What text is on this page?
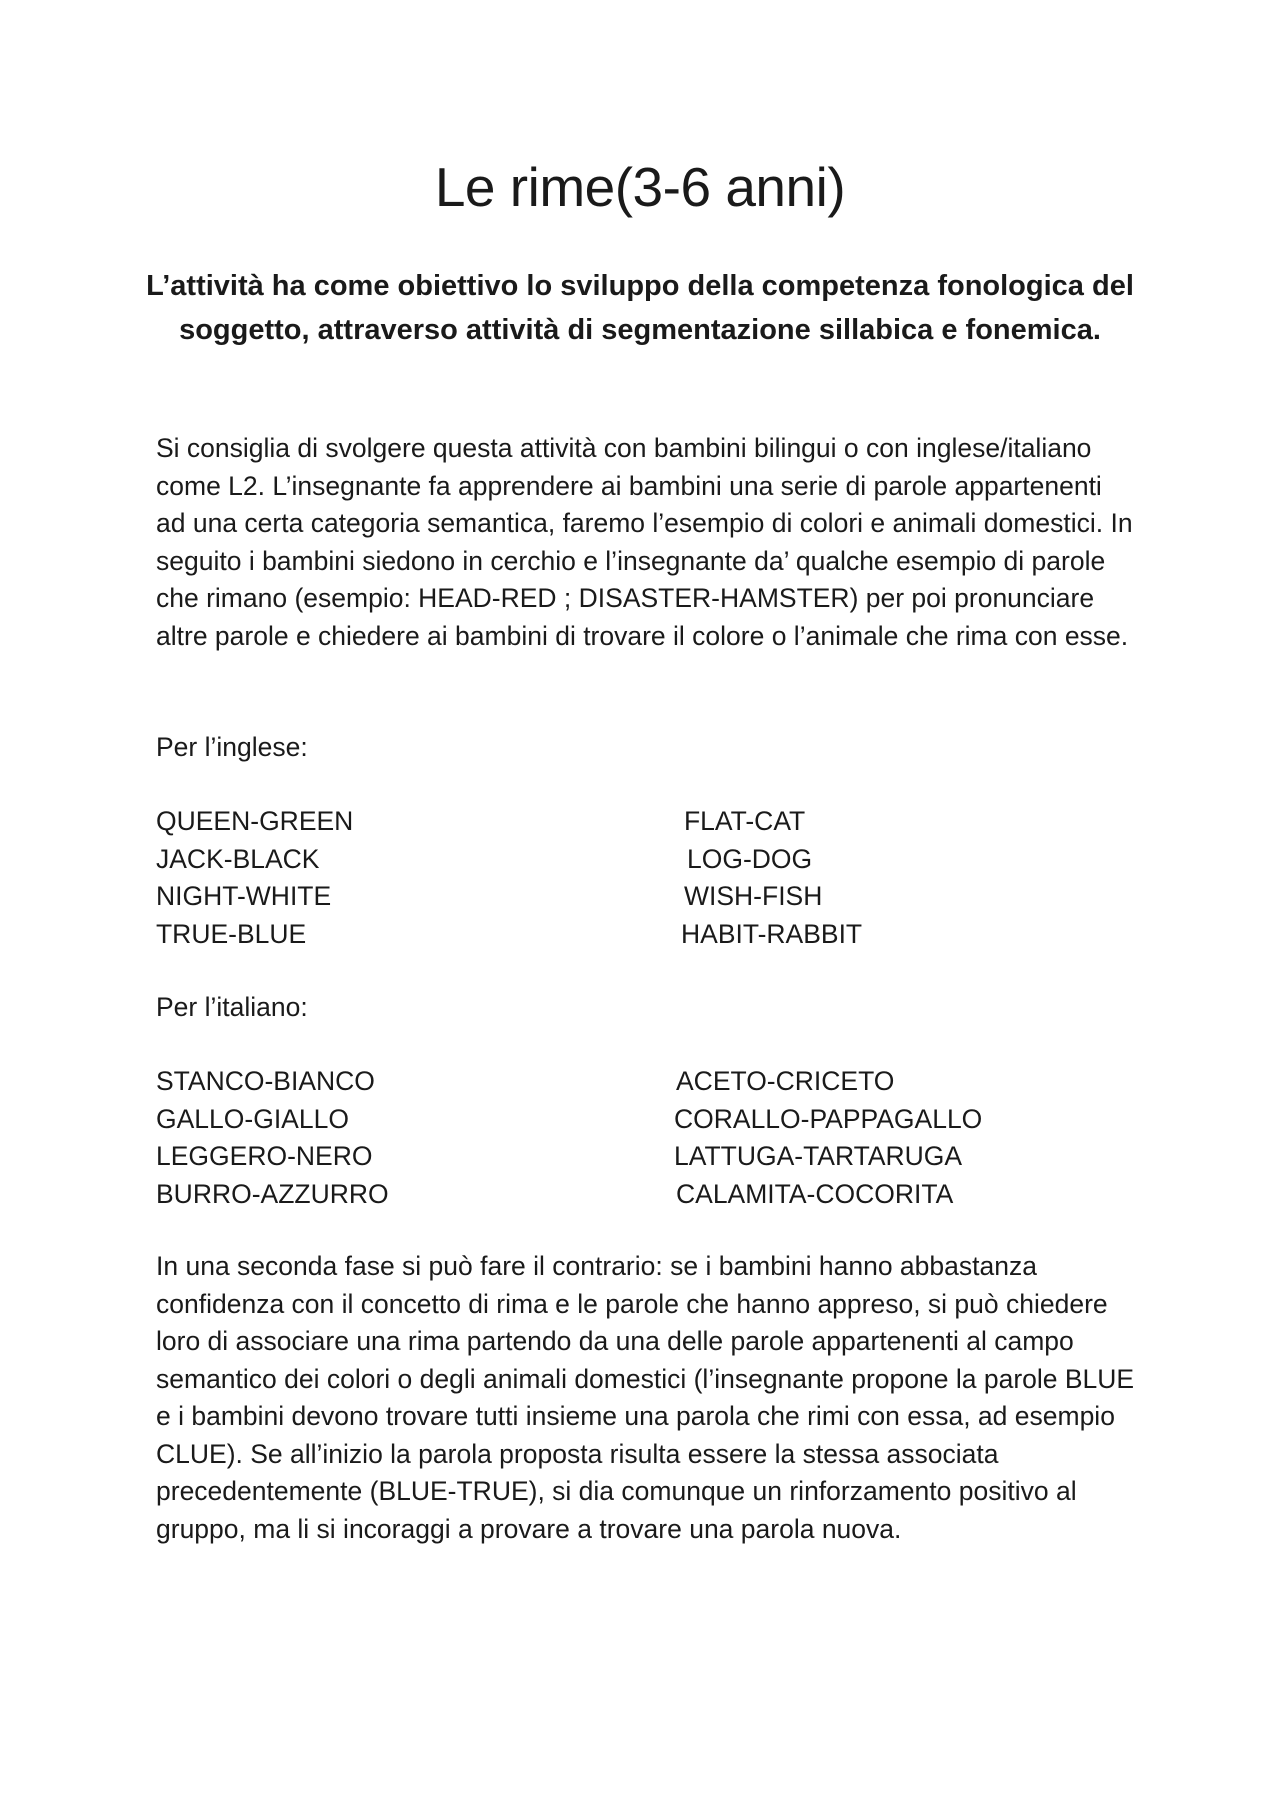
Le rime(3-6 anni)

L’attività ha come obiettivo lo sviluppo della competenza fonologica del soggetto, attraverso attività di segmentazione sillabica e fonemica.

Si consiglia di svolgere questa attività con bambini bilingui o con inglese/italiano come L2. L’insegnante fa apprendere ai bambini una serie di parole appartenenti ad una certa categoria semantica, faremo l’esempio di colori e animali domestici. In seguito i bambini siedono in cerchio e l’insegnante da’ qualche esempio di parole che rimano (esempio: HEAD-RED ; DISASTER-HAMSTER) per poi pronunciare altre parole e chiedere ai bambini di trovare il colore o l’animale che rima con esse.

Per l’inglese:

QUEEN-GREEN	FLAT-CAT
JACK-BLACK	LOG-DOG
NIGHT-WHITE	WISH-FISH
TRUE-BLUE	HABIT-RABBIT

Per l’italiano:

STANCO-BIANCO	ACETO-CRICETO
GALLO-GIALLO	CORALLO-PAPPAGALLO
LEGGERO-NERO	LATTUGA-TARTARUGA
BURRO-AZZURRO	CALAMITA-COCORITA

In una seconda fase si può fare il contrario: se i bambini hanno abbastanza confidenza con il concetto di rima e le parole che hanno appreso, si può chiedere loro di associare una rima partendo da una delle parole appartenenti al campo semantico dei colori o degli animali domestici (l’insegnante propone la parole BLUE e i bambini devono trovare tutti insieme una parola che rimi con essa, ad esempio CLUE). Se all’inizio la parola proposta risulta essere la stessa associata precedentemente (BLUE-TRUE), si dia comunque un rinforzamento positivo al gruppo, ma li si incoraggi a provare a trovare una parola nuova.
